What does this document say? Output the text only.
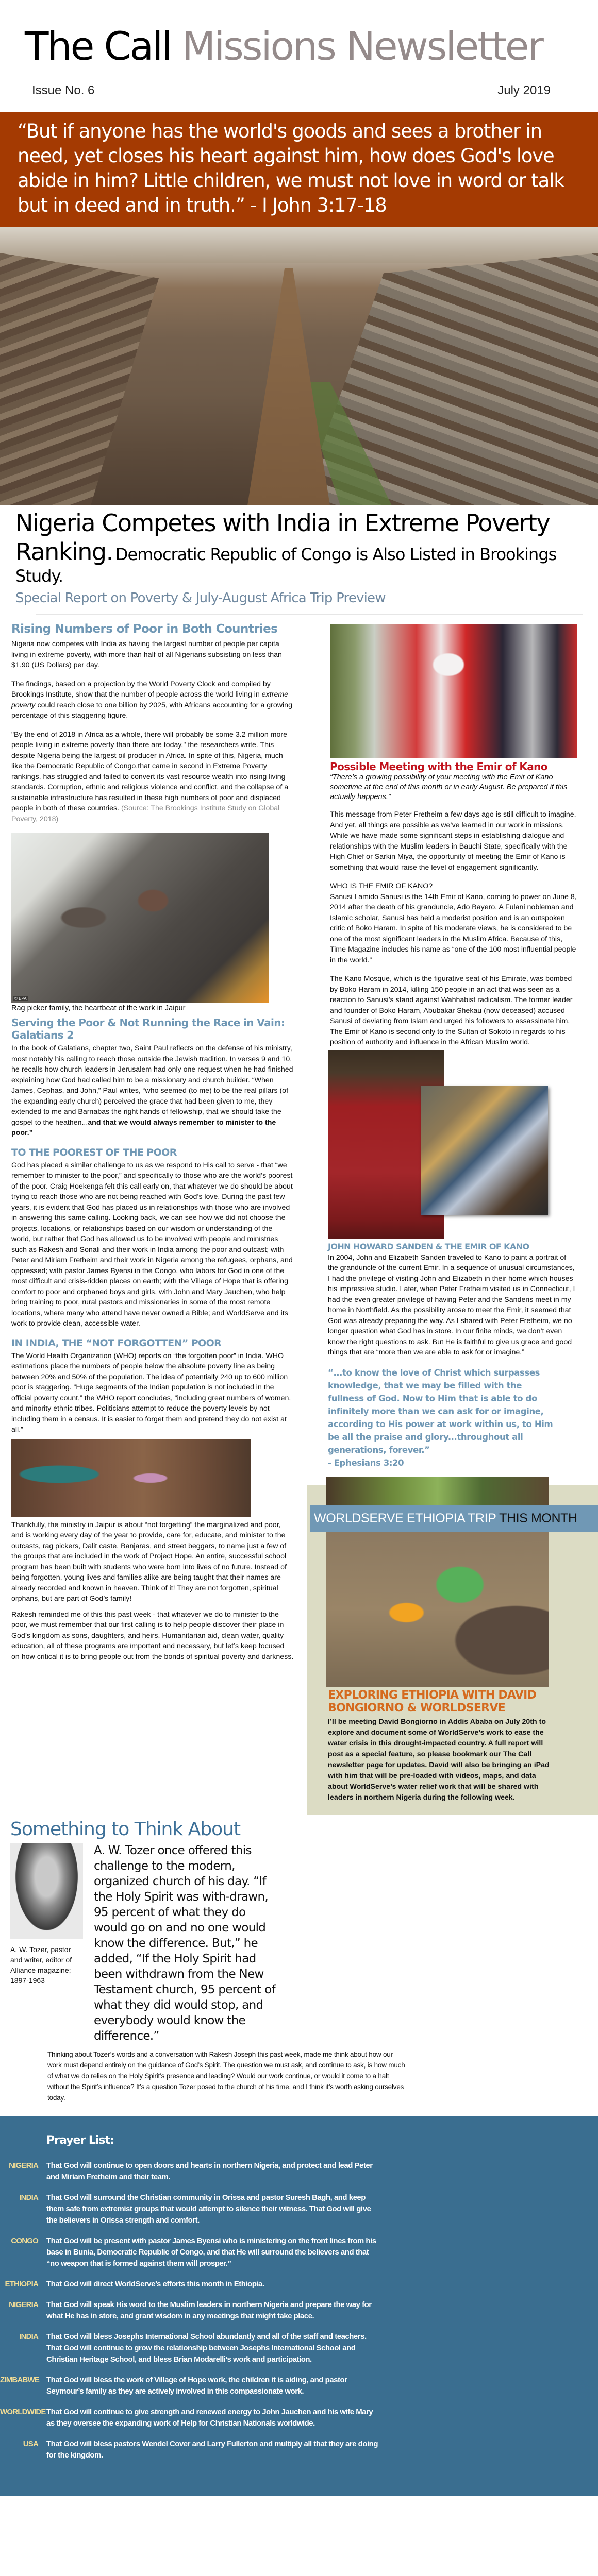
The Call Missions Newsletter
Issue No. 6	July 2019

“But if anyone has the world's goods and sees a brother in need, yet closes his heart against him, how does God's love abide in him? Little children, we must not love in word or talk but in deed and in truth.” - I John 3:17-18

Nigeria Competes with India in Extreme Poverty Ranking. Democratic Republic of Congo is Also Listed in Brookings Study.
Special Report on Poverty & July-August Africa Trip Preview
Rising Numbers of Poor in Both Countries

Nigeria now competes with India as having the largest number of people per capita living in extreme poverty, with more than half of all Nigerians subsisting on less than $1.90 (US Dollars) per day.

The findings, based on a projection by the World Poverty Clock and compiled by Brookings Institute, show that the number of people across the world living in extreme poverty could reach close to one billion by 2025, with Africans accounting for a growing percentage of this staggering figure.

"By the end of 2018 in Africa as a whole, there will probably be some 3.2 million more people living in extreme poverty than there are today," the researchers write. This despite Nigeria being the largest oil producer in Africa. In spite of this, Nigeria, much like the Democratic Republic of Congo,that came in second in Extreme Poverty rankings, has struggled and failed to convert its vast resource wealth into rising living standards. Corruption, ethnic and religious violence and conflict, and the collapse of a sustainable infrastructure has resulted in these high numbers of poor and displaced people in both of these countries. (Source: The Brookings Institute Study on Global Poverty, 2018)

© EPA
Rag picker family, the heartbeat of the work in Jaipur
Serving the Poor & Not Running the Race in Vain: Galatians 2

In the book of Galatians, chapter two, Saint Paul reflects on the defense of his ministry, most notably his calling to reach those outside the Jewish tradition. In verses 9 and 10, he recalls how church leaders in Jerusalem had only one request when he had finished explaining how God had called him to be a missionary and church builder. “When James, Cephas, and John,” Paul writes, “who seemed (to me) to be the real pillars (of the expanding early church) perceived the grace that had been given to me, they extended to me and Barnabas the right hands of fellowship, that we should take the gospel to the heathen...and that we would always remember to minister to the poor.”

TO THE POOREST OF THE POOR

God has placed a similar challenge to us as we respond to His call to serve - that “we remember to minister to the poor,” and specifically to those who are the world’s poorest of the poor. Craig Hoekenga felt this call early on, that whatever we do should be about trying to reach those who are not being reached with God’s love. During the past few years, it is evident that God has placed us in relationships with those who are involved in answering this same calling. Looking back, we can see how we did not choose the projects, locations, or relationships based on our wisdom or understanding of the world, but rather that God has allowed us to be involved with people and ministries such as Rakesh and Sonali and their work in India among the poor and outcast; with Peter and Miriam Fretheim and their work in Nigeria among the refugees, orphans, and oppressed; with pastor James Byensi in the Congo, who labors for God in one of the most difficult and crisis-ridden places on earth; with the Village of Hope that is offering comfort to poor and orphaned boys and girls, with John and Mary Jauchen, who help bring training to poor, rural pastors and missionaries in some of the most remote locations, where many who attend have never owned a Bible; and WorldServe and its work to provide clean, accessible water.

IN INDIA, THE “NOT FORGOTTEN” POOR

The World Health Organization (WHO) reports on “the forgotten poor” in India. WHO estimations place the numbers of people below the absolute poverty line as being between 20% and 50% of the population. The idea of potentially 240 up to 600 million poor is staggering. “Huge segments of the Indian population is not included in the official poverty count,” the WHO report concludes, “including great numbers of women, and minority ethnic tribes. Politicians attempt to reduce the poverty levels by not including them in a census. It is easier to forget them and pretend they do not exist at all.”

Thankfully, the ministry in Jaipur is about “not forgetting” the marginalized and poor, and is working every day of the year to provide, care for, educate, and minister to the outcasts, rag pickers, Dalit caste, Banjaras, and street beggars, to name just a few of the groups that are included in the work of Project Hope. An entire, successful school program has been built with students who were born into lives of no future. Instead of being forgotten, young lives and families alike are being taught that their names are already recorded and known in heaven. Think of it! They are not forgotten, spiritual orphans, but are part of God’s family!

Rakesh reminded me of this this past week - that whatever we do to minister to the poor, we must remember that our first calling is to help people discover their place in God’s kingdom as sons, daughters, and heirs. Humanitarian aid, clean water, quality education, all of these programs are important and necessary, but let’s keep focused on how critical it is to bring people out from the bonds of spiritual poverty and darkness.

Possible Meeting with the Emir of Kano
“There’s a growing possibility of your meeting with the Emir of Kano sometime at the end of this month or in early August. Be prepared if this actually happens.”

This message from Peter Fretheim a few days ago is still difficult to imagine. And yet, all things are possible as we’ve learned in our work in missions. While we have made some significant steps in establishing dialogue and relationships with the Muslim leaders in Bauchi State, specifically with the High Chief or Sarkin Miya, the opportunity of meeting the Emir of Kano is something that would raise the level of engagement significantly.

WHO IS THE EMIR OF KANO?

Sanusi Lamido Sanusi is the 14th Emir of Kano, coming to power on June 8, 2014 after the death of his granduncle, Ado Bayero. A Fulani nobleman and Islamic scholar, Sanusi has held a moderist position and is an outspoken critic of Boko Haram. In spite of his moderate views, he is considered to be one of the most significant leaders in the Muslim Africa. Because of this, Time Magazine includes his name as “one of the 100 most influential people in the world.”

The Kano Mosque, which is the figurative seat of his Emirate, was bombed by Boko Haram in 2014, killing 150 people in an act that was seen as a reaction to Sanusi’s stand against Wahhabist radicalism. The former leader and founder of Boko Haram, Abubakar Shekau (now deceased) accused Sanusi of deviating from Islam and urged his followers to assassinate him. The Emir of Kano is second only to the Sultan of Sokoto in regards to his position of authority and influence in the African Muslim world.

JOHN HOWARD SANDEN & THE EMIR OF KANO

In 2004, John and Elizabeth Sanden traveled to Kano to paint a portrait of the granduncle of the current Emir. In a sequence of unusual circumstances, I had the privilege of visiting John and Elizabeth in their home which houses his impressive studio. Later, when Peter Fretheim visited us in Connecticut, I had the even greater privilege of having Peter and the Sandens meet in my home in Northfield. As the possibility arose to meet the Emir, it seemed that God was already preparing the way. As I shared with Peter Fretheim, we no longer question what God has in store. In our finite minds, we don’t even know the right questions to ask. But He is faithful to give us grace and good things that are “more than we are able to ask for or imagine.”

“...to know the love of Christ which surpasses knowledge, that we may be filled with the fullness of God. Now to Him that is able to do infinitely more than we can ask for or imagine, according to His power at work within us, to Him be all the praise and glory...throughout all generations, forever.”
- Ephesians 3:20
WORLDSERVE ETHIOPIA TRIP THIS MONTH
EXPLORING ETHIOPIA WITH DAVID BONGIORNO & WORLDSERVE
I’ll be meeting David Bongiorno in Addis Ababa on July 20th to explore and document some of WorldServe’s work to ease the water crisis in this drought-impacted country. A full report will post as a special feature, so please bookmark our The Call newsletter page for updates. David will also be bringing an iPad with him that will be pre-loaded with videos, maps, and data about WorldServe’s water relief work that will be shared with leaders in northern Nigeria during the following week.
Something to Think About
A. W. Tozer, pastor and writer, editor of Alliance magazine; 1897-1963
A. W. Tozer once offered this challenge to the modern, organized church of his day. “If the Holy Spirit was with-drawn, 95 percent of what they do would go on and no one would know the difference. But,” he added, “If the Holy Spirit had been withdrawn from the New Testament church, 95 percent of what they did would stop, and everybody would know the difference.”
Thinking about Tozer’s words and a conversation with Rakesh Joseph this past week, made me think about how our work must depend entirely on the guidance of God’s Spirit. The question we must ask, and continue to ask, is how much of what we do relies on the Holy Spirit’s presence and leading? Would our work continue, or would it come to a halt without the Spirit’s influence? It’s a question Tozer posed to the church of his time, and I think it’s worth asking ourselves today.
Prayer List:
NIGERIA That God will continue to open doors and hearts in northern Nigeria, and protect and lead Peter and Miriam Fretheim and their team.
INDIA That God will surround the Christian community in Orissa and pastor Suresh Bagh, and keep them safe from extremist groups that would attempt to silence their witness. That God will give the believers in Orissa strength and comfort.
CONGO That God will be present with pastor James Byensi who is ministering on the front lines from his base in Bunia, Democratic Republic of Congo, and that He will surround the believers and that “no weapon that is formed against them will prosper.”
ETHIOPIA That God will direct WorldServe’s efforts this month in Ethiopia.
NIGERIA That God will speak His word to the Muslim leaders in northern Nigeria and prepare the way for what He has in store, and grant wisdom in any meetings that might take place.
INDIA That God will bless Josephs International School abundantly and all of the staff and teachers. That God will continue to grow the relationship between Josephs International School and Christian Heritage School, and bless Brian Modarelli’s work and participation.
ZIMBABWE That God will bless the work of Village of Hope work, the children it is aiding, and pastor Seymour’s family as they are actively involved in this compassionate work.
WORLDWIDE That God will continue to give strength and renewed energy to John Jauchen and his wife Mary as they oversee the expanding work of Help for Christian Nationals worldwide.
USA That God will bless pastors Wendel Cover and Larry Fullerton and multiply all that they are doing for the kingdom.
